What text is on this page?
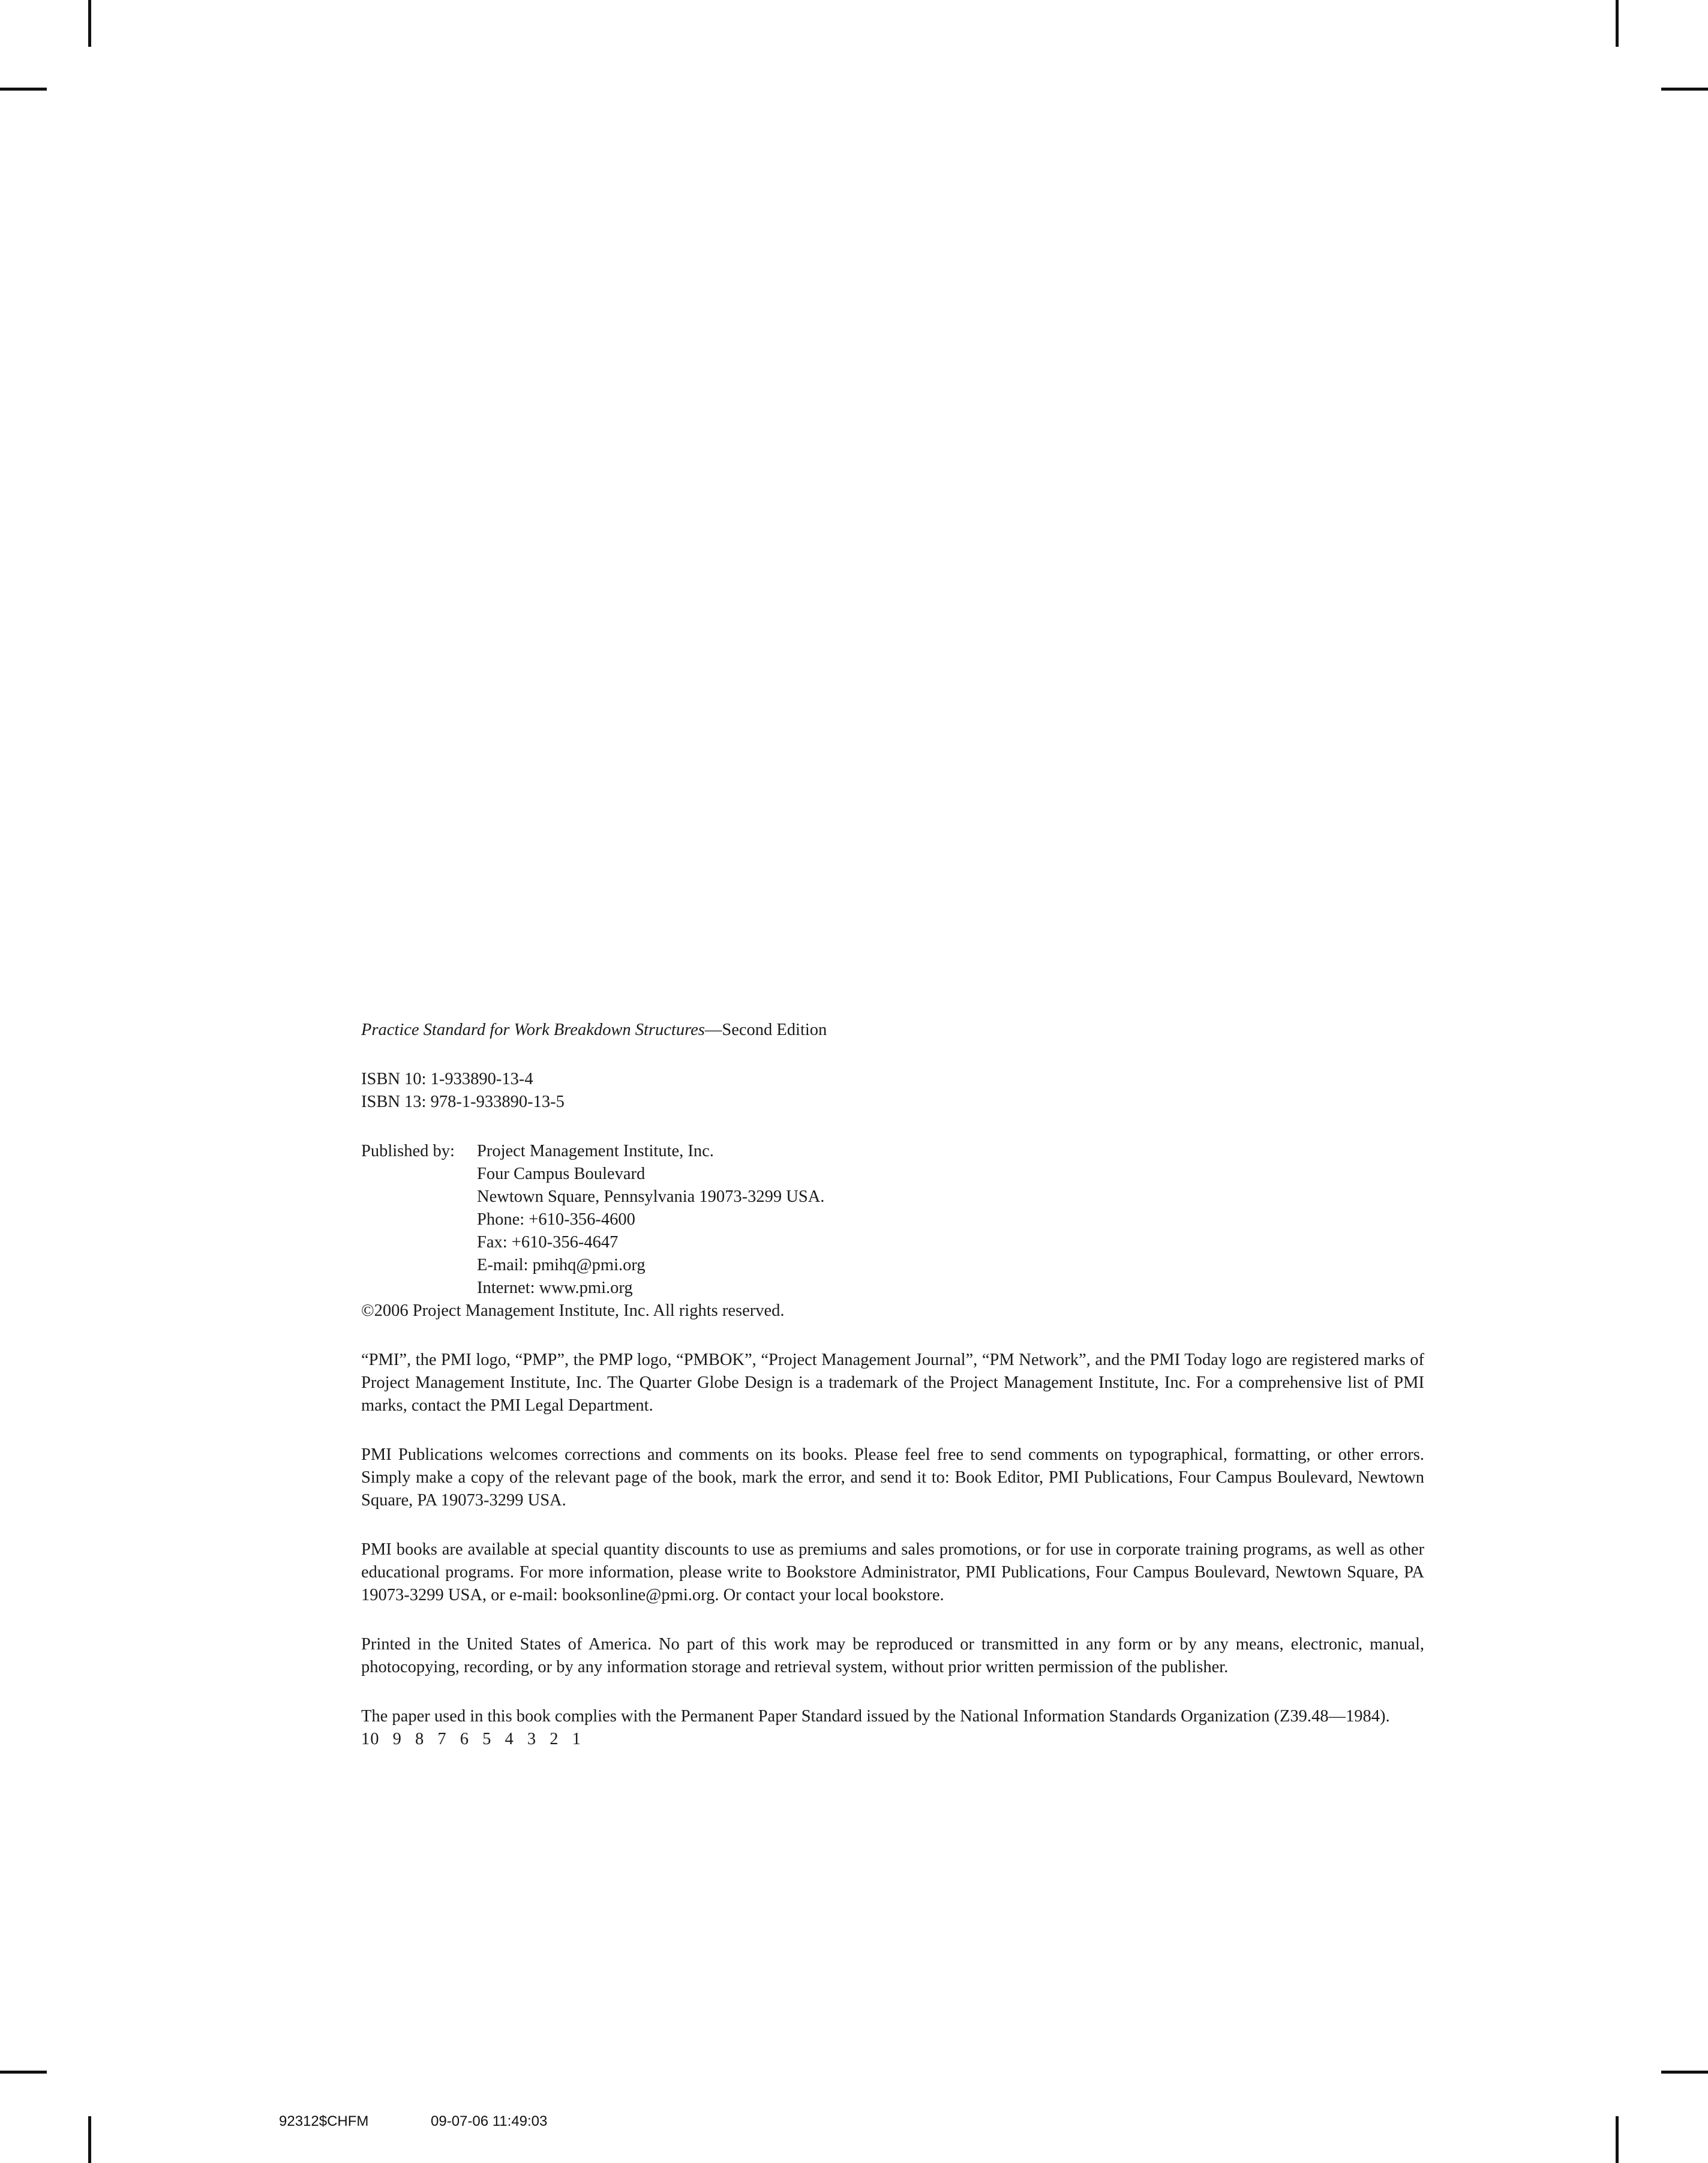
Practice Standard for Work Breakdown Structures—Second Edition

ISBN 10: 1-933890-13-4

ISBN 13: 978-1-933890-13-5

Published by:	Project Management Institute, Inc.
Four Campus Boulevard
Newtown Square, Pennsylvania 19073-3299 USA.
Phone: +610-356-4600
Fax: +610-356-4647
E-mail: pmihq@pmi.org
Internet: www.pmi.org

©2006 Project Management Institute, Inc. All rights reserved.

“PMI”, the PMI logo, “PMP”, the PMP logo, “PMBOK”, “Project Management Journal”, “PM Network”, and the PMI Today logo are registered marks of Project Management Institute, Inc. The Quarter Globe Design is a trademark of the Project Management Institute, Inc. For a comprehensive list of PMI marks, contact the PMI Legal Department.

PMI Publications welcomes corrections and comments on its books. Please feel free to send comments on typographical, formatting, or other errors. Simply make a copy of the relevant page of the book, mark the error, and send it to: Book Editor, PMI Publications, Four Campus Boulevard, Newtown Square, PA 19073-3299 USA.

PMI books are available at special quantity discounts to use as premiums and sales promotions, or for use in corporate training programs, as well as other educational programs. For more information, please write to Bookstore Administrator, PMI Publications, Four Campus Boulevard, Newtown Square, PA 19073-3299 USA, or e-mail: booksonline@pmi.org. Or contact your local bookstore.

Printed in the United States of America. No part of this work may be reproduced or transmitted in any form or by any means, electronic, manual, photocopying, recording, or by any information storage and retrieval system, without prior written permission of the publisher.

The paper used in this book complies with the Permanent Paper Standard issued by the National Information Standards Organization (Z39.48—1984).

10 9 8 7 6 5 4 3 2 1

92312$CHFM	09-07-06 11:49:03
